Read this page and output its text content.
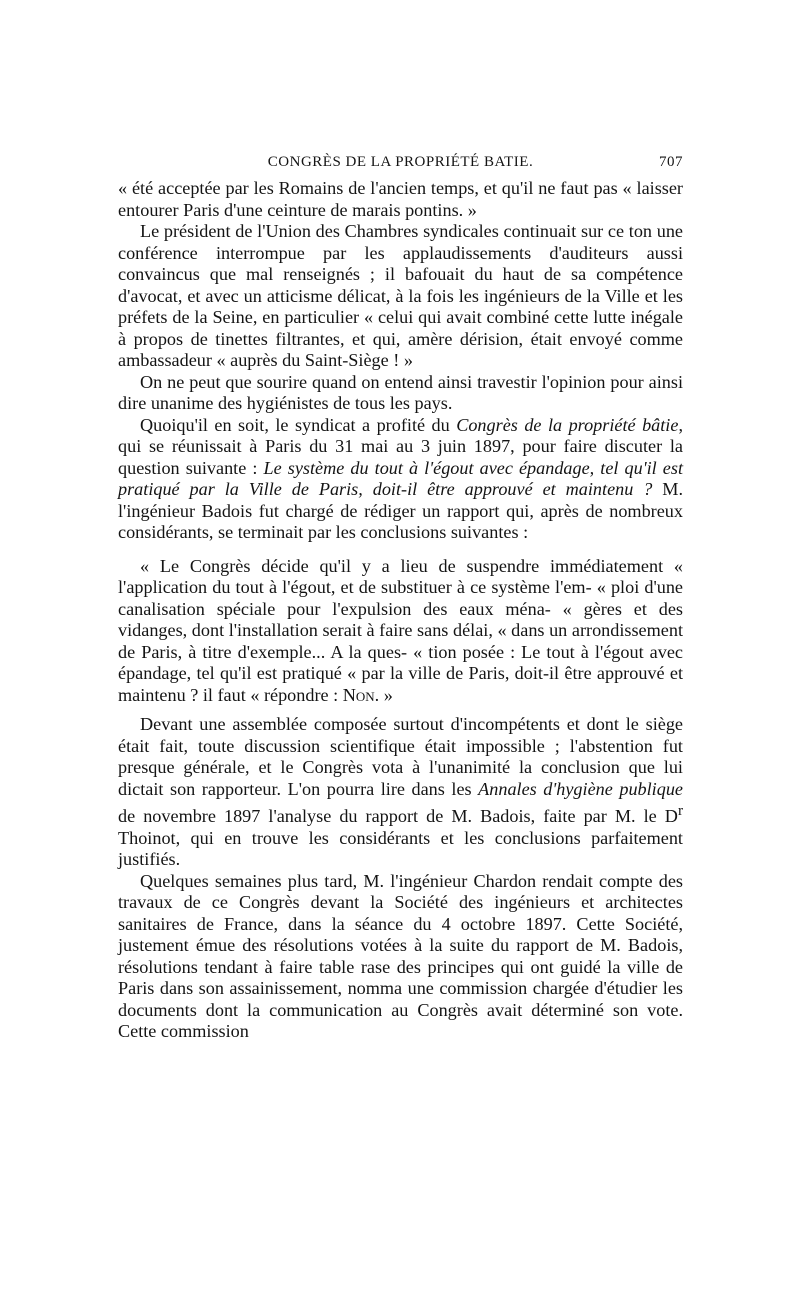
CONGRÈS DE LA PROPRIÉTÉ BATIE.	707

« été acceptée par les Romains de l'ancien temps, et qu'il ne faut pas « laisser entourer Paris d'une ceinture de marais pontins. »

Le président de l'Union des Chambres syndicales continuait sur ce ton une conférence interrompue par les applaudissements d'auditeurs aussi convaincus que mal renseignés ; il bafouait du haut de sa compétence d'avocat, et avec un atticisme délicat, à la fois les ingénieurs de la Ville et les préfets de la Seine, en particulier « celui qui avait combiné cette lutte inégale à propos de tinettes filtrantes, et qui, amère dérision, était envoyé comme ambassadeur « auprès du Saint-Siège ! »

On ne peut que sourire quand on entend ainsi travestir l'opinion pour ainsi dire unanime des hygiénistes de tous les pays.

Quoiqu'il en soit, le syndicat a profité du Congrès de la propriété bâtie, qui se réunissait à Paris du 31 mai au 3 juin 1897, pour faire discuter la question suivante : Le système du tout à l'égout avec épandage, tel qu'il est pratiqué par la Ville de Paris, doit-il être approuvé et maintenu ? M. l'ingénieur Badois fut chargé de rédiger un rapport qui, après de nombreux considérants, se terminait par les conclusions suivantes :

« Le Congrès décide qu'il y a lieu de suspendre immédiatement « l'application du tout à l'égout, et de substituer à ce système l'em- « ploi d'une canalisation spéciale pour l'expulsion des eaux ména- « gères et des vidanges, dont l'installation serait à faire sans délai, « dans un arrondissement de Paris, à titre d'exemple... A la ques- « tion posée : Le tout à l'égout avec épandage, tel qu'il est pratiqué « par la ville de Paris, doit-il être approuvé et maintenu ? il faut « répondre : Non. »

Devant une assemblée composée surtout d'incompétents et dont le siège était fait, toute discussion scientifique était impossible ; l'abstention fut presque générale, et le Congrès vota à l'unanimité la conclusion que lui dictait son rapporteur. L'on pourra lire dans les Annales d'hygiène publique de novembre 1897 l'analyse du rapport de M. Badois, faite par M. le $D^r$ Thoinot, qui en trouve les considérants et les conclusions parfaitement justifiés.

Quelques semaines plus tard, M. l'ingénieur Chardon rendait compte des travaux de ce Congrès devant la Société des ingénieurs et architectes sanitaires de France, dans la séance du 4 octobre 1897. Cette Société, justement émue des résolutions votées à la suite du rapport de M. Badois, résolutions tendant à faire table rase des principes qui ont guidé la ville de Paris dans son assainissement, nomma une commission chargée d'étudier les documents dont la communication au Congrès avait déterminé son vote. Cette commission
